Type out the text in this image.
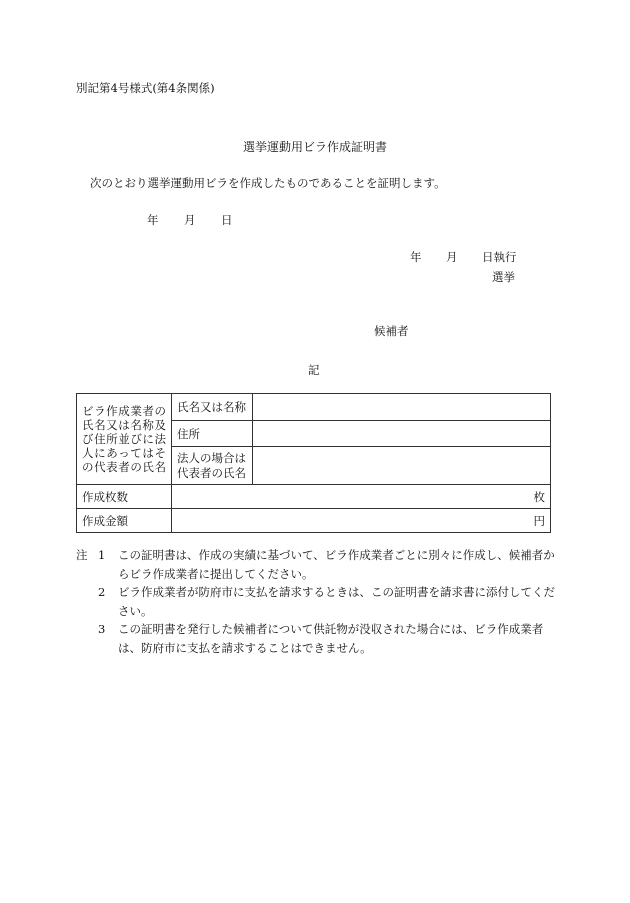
別記第4号様式(第4条関係)
選挙運動用ビラ作成証明書
次のとおり選挙運動用ビラを作成したものであることを証明します。
年 月 日
年 月 日執行
選挙
候補者
記
ビラ作成業者の氏名又は名称及び住所並びに法人にあってはその代表者の氏名	氏名又は名称	
	住所	
	法人の場合は代表者の氏名	
作成枚数	枚	
作成金額	円	
注 1	この証明書は、作成の実績に基づいて、ビラ作成業者ごとに別々に作成し、候補者からビラ作成業者に提出してください。
2	ビラ作成業者が防府市に支払を請求するときは、この証明書を請求書に添付してください。
3	この証明書を発行した候補者について供託物が没収された場合には、ビラ作成業者は、防府市に支払を請求することはできません。
